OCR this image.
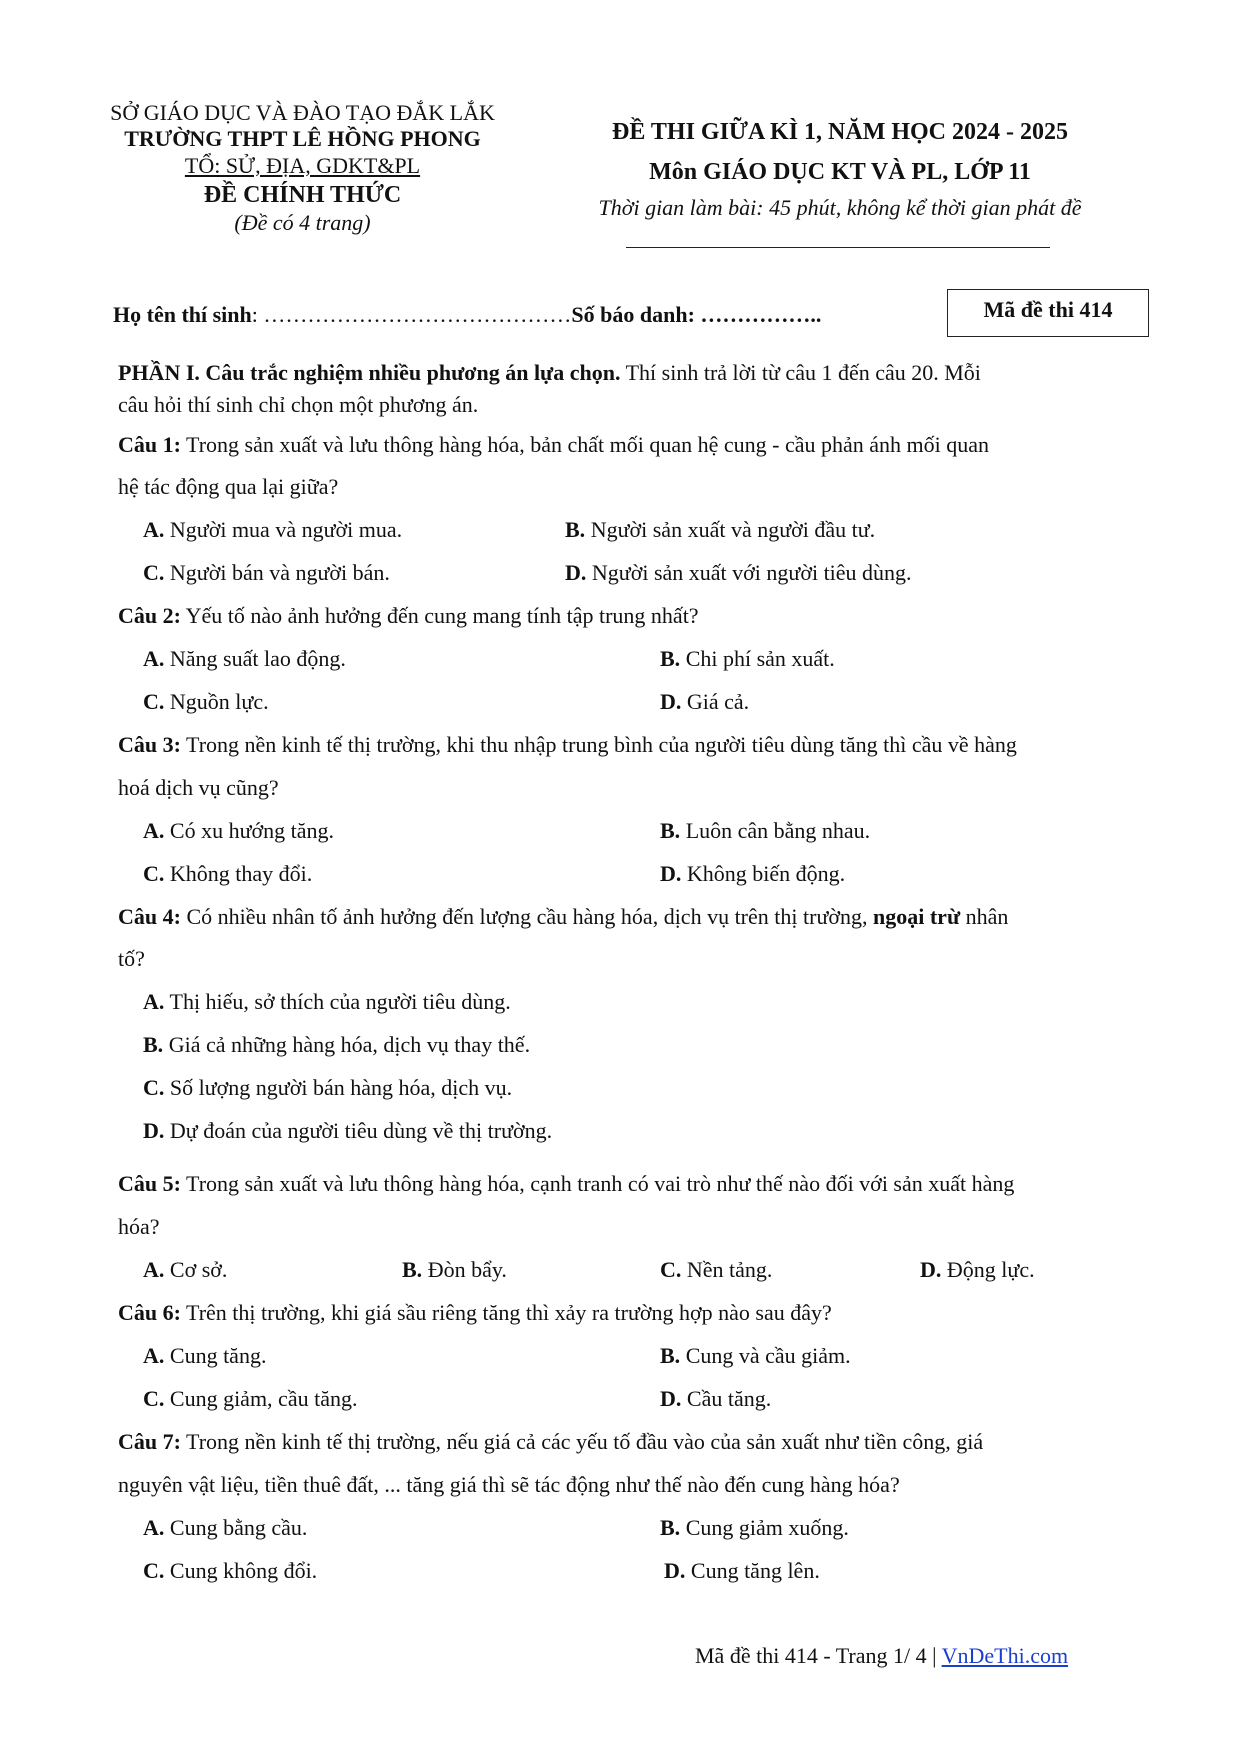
SỞ GIÁO DỤC VÀ ĐÀO TẠO ĐẮK LẮK
TRƯỜNG THPT LÊ HỒNG PHONG
TỔ: SỬ, ĐỊA, GDKT&PL
ĐỀ CHÍNH THỨC
(Đề có 4 trang)
ĐỀ THI GIỮA KÌ 1, NĂM HỌC 2024 - 2025
Môn GIÁO DỤC KT VÀ PL, LỚP 11
Thời gian làm bài: 45 phút, không kể thời gian phát đề
Họ tên thí sinh: ……………………………………Số báo danh: ……………..	Mã đề thi 414
PHẦN I. Câu trắc nghiệm nhiều phương án lựa chọn. Thí sinh trả lời từ câu 1 đến câu 20. Mỗi
câu hỏi thí sinh chỉ chọn một phương án.
Câu 1: Trong sản xuất và lưu thông hàng hóa, bản chất mối quan hệ cung - cầu phản ánh mối quan
hệ tác động qua lại giữa?
A. Người mua và người mua.	B. Người sản xuất và người đầu tư.
C. Người bán và người bán.	D. Người sản xuất với người tiêu dùng.
Câu 2: Yếu tố nào ảnh hưởng đến cung mang tính tập trung nhất?
A. Năng suất lao động.	B. Chi phí sản xuất.
C. Nguồn lực.	D. Giá cả.
Câu 3: Trong nền kinh tế thị trường, khi thu nhập trung bình của người tiêu dùng tăng thì cầu về hàng
hoá dịch vụ cũng?
A. Có xu hướng tăng.	B. Luôn cân bằng nhau.
C. Không thay đổi.	D. Không biến động.
Câu 4: Có nhiều nhân tố ảnh hưởng đến lượng cầu hàng hóa, dịch vụ trên thị trường, ngoại trừ nhân
tố?
A. Thị hiếu, sở thích của người tiêu dùng.
B. Giá cả những hàng hóa, dịch vụ thay thế.
C. Số lượng người bán hàng hóa, dịch vụ.
D. Dự đoán của người tiêu dùng về thị trường.
Câu 5: Trong sản xuất và lưu thông hàng hóa, cạnh tranh có vai trò như thế nào đối với sản xuất hàng
hóa?
A. Cơ sở.	B. Đòn bẩy.	C. Nền tảng.	D. Động lực.
Câu 6: Trên thị trường, khi giá sầu riêng tăng thì xảy ra trường hợp nào sau đây?
A. Cung tăng.	B. Cung và cầu giảm.
C. Cung giảm, cầu tăng.	D. Cầu tăng.
Câu 7: Trong nền kinh tế thị trường, nếu giá cả các yếu tố đầu vào của sản xuất như tiền công, giá
nguyên vật liệu, tiền thuê đất, ... tăng giá thì sẽ tác động như thế nào đến cung hàng hóa?
A. Cung bằng cầu.	B. Cung giảm xuống.
C. Cung không đổi.	D. Cung tăng lên.
Mã đề thi 414 - Trang 1/ 4 | VnDeThi.com
